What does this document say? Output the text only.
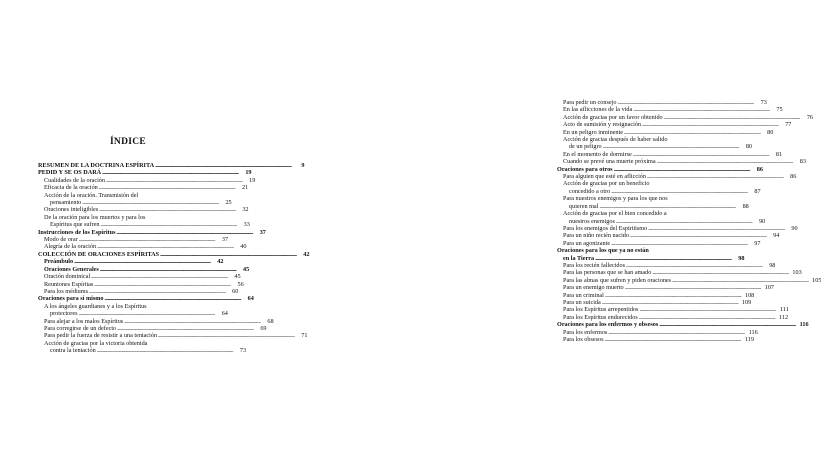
ÍNDICE
RESUMEN DE LA DOCTRINA ESPÍRITA .....	9
PEDID Y SE OS DARÁ .....	19
Cualidades de la oración .....	19
Eficacia de la oración .....	21
Acción de la oración. Transmisión del
pensamiento .....	25
Oraciones inteligibles .....	32
De la oración para los muertos y para los
Espíritus que sufren .....	33
Instrucciones de los Espíritus .....	37
Modo de orar .....	37
Alegría de la oración .....	40
COLECCIÓN DE ORACIONES ESPÍRITAS .....	42
Preámbulo .....	42
Oraciones Generales .....	45
Oración dominical .....	45
Reuniones Espíritas .....	56
Para los médiums .....	60
Oraciones para sí mismo .....	64
A los ángeles guardianes y a los Espíritus
protectores .....	64
Para alejar a los malos Espíritus .....	68
Para corregirse de un defecto .....	69
Para pedir la fuerza de resistir a una tentación .....	71
Acción de gracias por la victoria obtenida
contra la tentación .....	73
Para pedir un consejo .....	73
En las aflicciones de la vida .....	75
Acción de gracias por un favor obtenido .....	76
Acto de sumisión y resignación .....	77
En un peligro inminente .....	80
Acción de gracias después de haber salido
de un peligro .....	80
En el momento de dormirse .....	81
Cuando se prevé una muerte próxima .....	83
Oraciones para otros .....	86
Para alguien que esté en aflicción .....	86
Acción de gracias por un beneficio
concedido a otro .....	87
Para nuestros enemigos y para los que nos
quieren mal .....	88
Acción de gracias por el bien concedido a
nuestros enemigos .....	90
Para los enemigos del Espiritismo .....	90
Para un niño recién nacido .....	94
Para un agonizante .....	97
Oraciones para los que ya no están
en la Tierra .....	98
Para los recién fallecidos .....	98
Para las personas que se han amado .....	103
Para las almas que sufren y piden oraciones .....	105
Para un enemigo muerto .....	107
Para un criminal .....	108
Para un suicida .....	109
Para los Espíritus arrepentidos .....	111
Para los Espíritus endurecidos .....	112
Oraciones para los enfermos y obsesos .....	116
Para los enfermos .....	116
Para los obsesos .....	119
